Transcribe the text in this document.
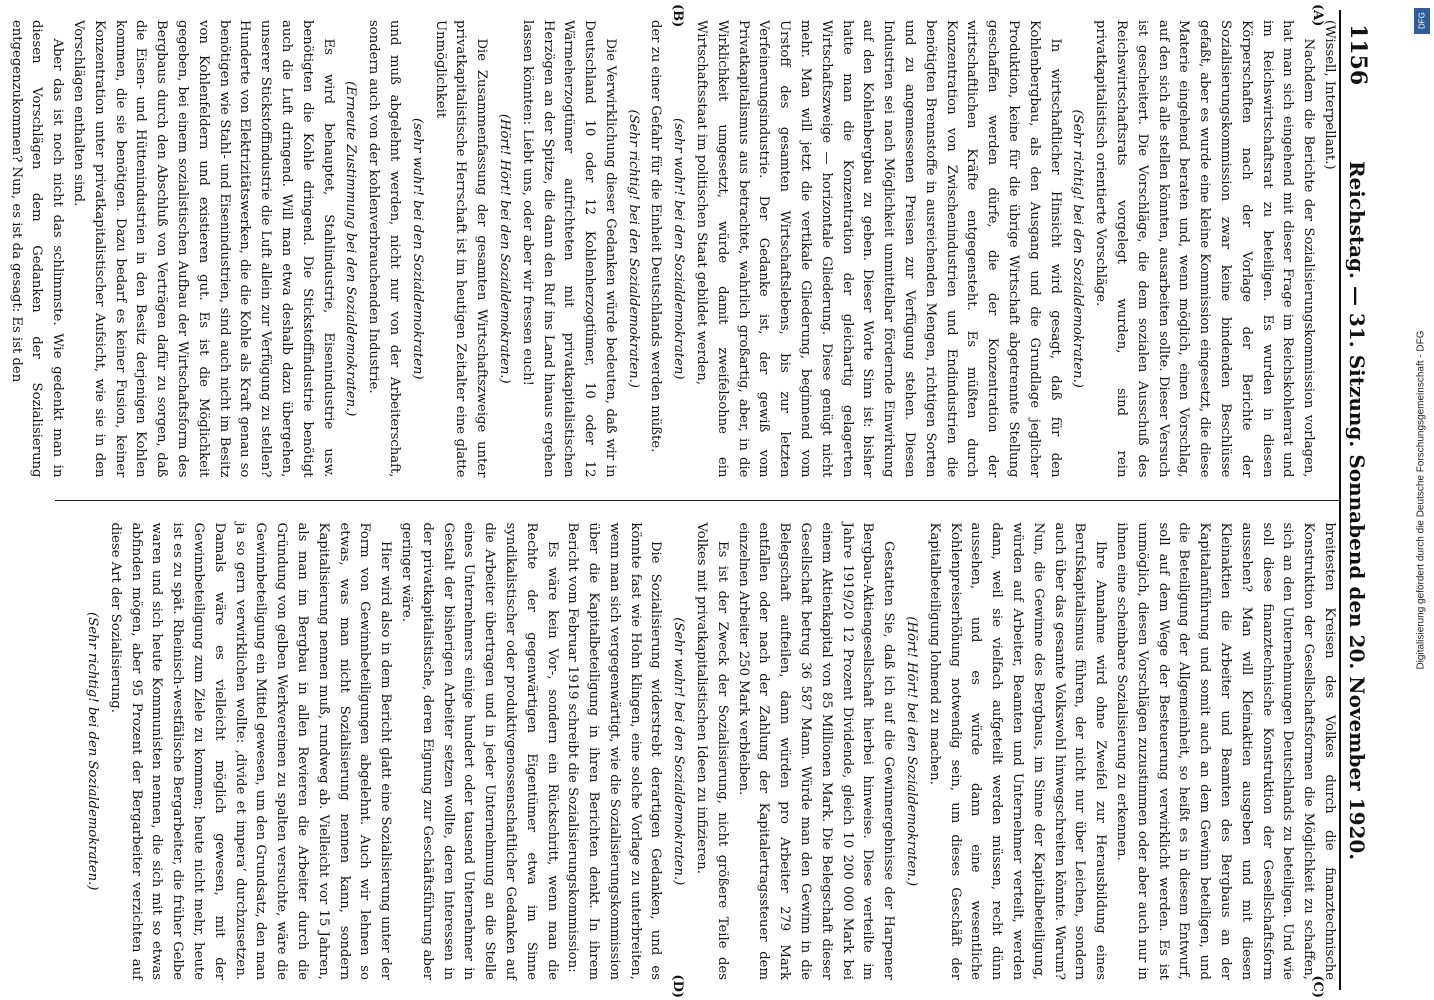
1156
Reichstag. — 31. Sitzung. Sonnabend den 20. November 1920.

(Wissell, Interpellant.)

Nachdem die Berichte der Sozialisierungskommission vorlagen, hat man sich eingehend mit dieser Frage im Reichskohlenrat und im Reichswirtschaftsrat zu beteiligen. Es wurden in diesen Körperschaften nach der Vorlage der Berichte der Sozialisierungskommission zwar keine bindenden Beschlüsse gefaßt, aber es wurde eine kleine Kommission eingesetzt, die diese Materie eingehend beraten und, wenn möglich, einen Vorschlag, auf den sich alle stellen könnten, ausarbeiten sollte. Dieser Versuch ist gescheitert. Die Vorschläge, die dem sozialen Ausschuß des Reichswirtschaftsrats vorgelegt wurden, sind rein privatkapitalistisch orientierte Vorschläge.

(Sehr richtig! bei den Sozialdemokraten.)

In wirtschaftlicher Hinsicht wird gesagt, daß für den Kohlenbergbau, als den Ausgang und die Grundlage jeglicher Produktion, keine für die übrige Wirtschaft abgetrennte Stellung geschaffen werden dürfe, die der Konzentration der wirtschaftlichen Kräfte entgegensteht. Es müßten durch Konzentration von Zwischenindustrien und Endindustrien die benötigten Brennstoffe in ausreichenden Mengen, richtigen Sorten und zu angemessenen Preisen zur Verfügung stehen. Diesen Industrien sei nach Möglichkeit unmittelbar fördernde Einwirkung auf den Kohlenbergbau zu geben. Dieser Worte Sinn ist: bisher hatte man die Konzentration der gleichartig gelagerten Wirtschaftszweige — horizontale Gliederung. Diese genügt nicht mehr. Man will jetzt die vertikale Gliederung, beginnend vom Urstoff des gesamten Wirtschaftslebens, bis zur letzten Verfeinerungsindustrie. Der Gedanke ist, der gewiß vom Privatkapitalismus aus betrachtet, wahrlich großartig, aber, in die Wirklichkeit umgesetzt, würde damit zweifelsohne ein Wirtschaftsstaat im politischen Staat gebildet werden,

(sehr wahr! bei den Sozialdemokraten)

der zu einer Gefahr für die Einheit Deutschlands werden müßte.

(Sehr richtig! bei den Sozialdemokraten.)

Die Verwirklichung dieser Gedanken würde bedeuten, daß wir in Deutschland 10 oder 12 Kohlenherzogtümer, 10 oder 12 Wärmeherzogtümer aufrichteten mit privatkapitalistischen Herzögen an der Spitze, die dann den Ruf ins Land hinaus ergehen lassen könnten: Liebt uns, oder aber wir fressen euch!

(Hört! Hört! bei den Sozialdemokraten.)

Die Zusammenfassung der gesamten Wirtschaftszweige unter privatkapitalistische Herrschaft ist im heutigen Zeitalter eine glatte Unmöglichkeit

(sehr wahr! bei den Sozialdemokraten)

und muß abgelehnt werden, nicht nur von der Arbeiterschaft, sondern auch von der kohlenverbrauchenden Industrie.

(Erneute Zustimmung bei den Sozialdemokraten.)

Es wird behauptet, Stahlindustrie, Eisenindustrie usw. benötigten die Kohle dringend. Die Stickstoffindustrie benötigt auch die Luft dringend. Will man etwa deshalb dazu übergehen, unserer Stickstoffindustrie die Luft allein zur Verfügung zu stellen? Hunderte von Elektrizitätswerken, die die Kohle als Kraft genau so benötigen wie Stahl- und Eisenindustrien, sind auch nicht im Besitz von Kohlenfeldern und existieren gut. Es ist die Möglichkeit gegeben, bei einem sozialistischen Aufbau der Wirtschaftsform des Bergbaus durch den Abschluß von Verträgen dafür zu sorgen, daß die Eisen- und Hüttenindustrien in den Besitz derjenigen Kohlen kommen, die sie benötigen. Dazu bedarf es keiner Fusion, keiner Konzentration unter privatkapitalistischer Aufsicht, wie sie in den Vorschlägen enthalten sind.

Aber das ist noch nicht das schlimmste. Wie gedenkt man in diesen Vorschlägen dem Gedanken der Sozialisierung entgegenzukommen? Nun, es ist da gesagt: Es ist den

breitesten Kreisen des Volkes durch die finanztechnische Konstruktion der Gesellschaftsformen die Möglichkeit zu schaffen, sich an den Unternehmungen Deutschlands zu beteiligen. Und wie soll diese finanztechnische Konstruktion der Gesellschaftsform aussehen? Man will Kleinaktien ausgeben und mit diesen Kleinaktien die Arbeiter und Beamten des Bergbaus an der Kapitalanführung und somit auch an dem Gewinn beteiligen, und die Beteiligung der Allgemeinheit, so heißt es in diesem Entwurf, soll auf dem Wege der Besteuerung verwirklicht werden. Es ist unmöglich, diesen Vorschlägen zuzustimmen oder aber auch nur in ihnen eine scheinbare Sozialisierung zu erkennen.

Ihre Annahme wird ohne Zweifel zur Herausbildung eines Berufskapitalismus führen, der nicht nur über Leichen, sondern auch über das gesamte Volkswohl hinwegschreiten könnte. Warum? Nun, die Gewinne des Bergbaus, im Sinne der Kapitalbeteiligung, würden auf Arbeiter, Beamten und Unternehmer verteilt, werden dann, weil sie vielfach aufgeteilt werden müssen, recht dünn aussehen, und es würde dann eine wesentliche Kohlenpreiserhöhung notwendig sein, um dieses Geschäft der Kapitalbeteiligung lohnend zu machen.

(Hört! Hört! bei den Sozialdemokraten.)

Gestatten Sie, daß ich auf die Gewinnergebnisse der Harpener Bergbau-Aktiengesellschaft hierbei hinweise. Diese verteilte im Jahre 1919/20 12 Prozent Dividende, gleich 10 200 000 Mark bei einem Aktienkapital von 85 Millionen Mark. Die Belegschaft dieser Gesellschaft betrug 36 587 Mann. Würde man den Gewinn in die Belegschaft aufteilen, dann würden pro Arbeiter 279 Mark entfallen oder nach der Zahlung der Kapitalertragssteuer dem einzelnen Arbeiter 250 Mark verbleiben.

Es ist der Zweck der Sozialisierung, nicht größere Teile des Volkes mit privatkapitalistischen Ideen zu infizieren.

(Sehr wahr! bei den Sozialdemokraten.)

Die Sozialisierung widerstrebt derartigen Gedanken, und es könnte fast wie Hohn klingen, eine solche Vorlage zu unterbreiten, wenn man sich vergegenwärtigt, wie die Sozialisierungskommission über die Kapitalbeteiligung in ihren Berichten denkt. In ihrem Bericht vom Februar 1919 schreibt die Sozialisierungskommission:

Es wäre kein Vor-, sondern ein Rückschritt, wenn man die Rechte der gegenwärtigen Eigentümer etwa im Sinne syndikalistischer oder produktivgenossenschaftlicher Gedanken auf die Arbeiter übertragen und in jeder Unternehmung an die Stelle eines Unternehmers einige hundert oder tausend Unternehmer in Gestalt der bisherigen Arbeiter setzen wollte, deren Interessen in der privatkapitalistische, deren Eignung zur Geschäftsführung aber geringer wäre.

Hier wird also in dem Bericht glatt eine Sozialisierung unter der Form von Gewinnbeteiligungen abgelehnt. Auch wir lehnen so etwas, was man nicht Sozialisierung nennen kann, sondern Kapitalisierung nennen muß, rundweg ab. Vielleicht vor 15 Jahren, als man im Bergbau in allen Revieren die Arbeiter durch die Gründung von gelben Werkvereinen zu spalten versuchte, wäre die Gewinnbeteiligung ein Mittel gewesen, um den Grundsatz, den man ja so gern verwirklichen wollte: ‚divide et impera‘ durchzusetzen. Damals wäre es vielleicht möglich gewesen, mit der Gewinnbeteiligung zum Ziele zu kommen; heute nicht mehr, heute ist es zu spät. Rheinisch-westfälische Bergarbeiter, die früher Gelbe waren und sich heute Kommunisten nennen, die sich mit so etwas abfinden mögen, aber 95 Prozent der Bergarbeiter verzichten auf diese Art der Sozialisierung.

(Sehr richtig! bei den Sozialdemokraten.)

(A)
(B)
(C)
(D)
DFG
Digitalisierung gefördert durch die Deutsche Forschungsgemeinschaft - DFG
